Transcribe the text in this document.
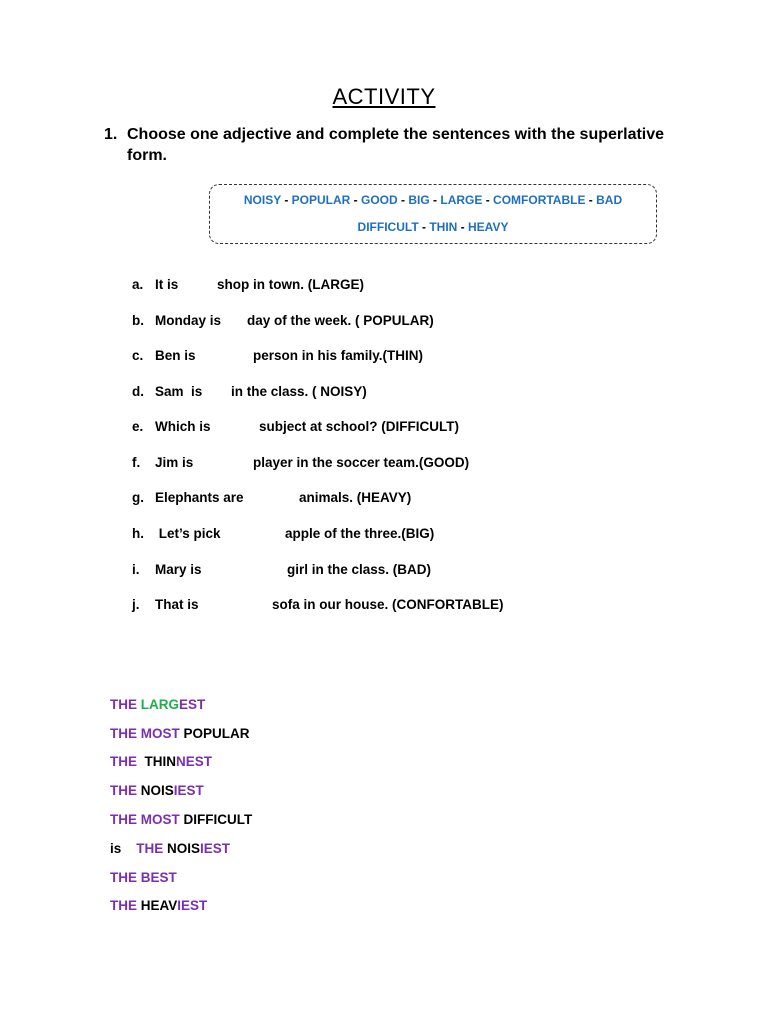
ACTIVITY
1. Choose one adjective and complete the sentences with the superlative form.
NOISY - POPULAR - GOOD - BIG - LARGE - COMFORTABLE - BAD
DIFFICULT - THIN - HEAVY
a. It is	shop in town. (LARGE)
b. Monday is day of the week. ( POPULAR)
c. Ben is	person in his family.(THIN)
d. Sam  is in the class. ( NOISY)
e. Which is	subject at school? (DIFFICULT)
f. Jim is	player in the soccer team.(GOOD)
g. Elephants are	animals. (HEAVY)
h. Let’s pick	apple of the three.(BIG)
i. Mary is	girl in the class. (BAD)
j. That is	sofa in our house. (CONFORTABLE)
THE LARGEST
THE MOST POPULAR
THE  THINNEST
THE NOISIEST
THE MOST DIFFICULT
is    THE NOISIEST
THE BEST
THE HEAVIEST
